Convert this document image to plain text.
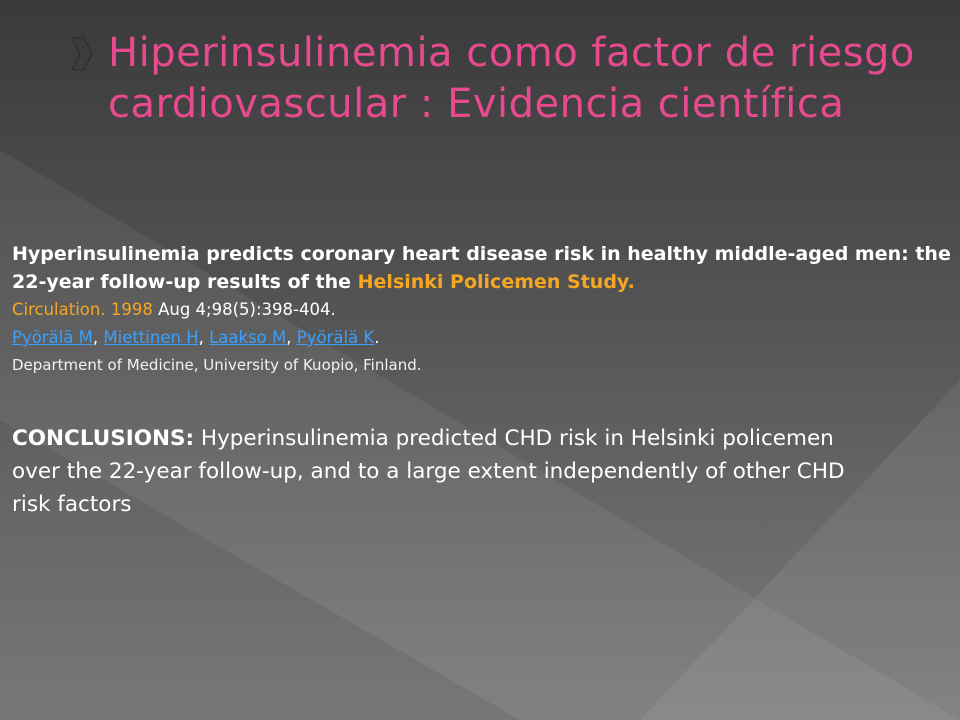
Hiperinsulinemia como factor de riesgo cardiovascular : Evidencia científica

Hyperinsulinemia predicts coronary heart disease risk in healthy middle-aged men: the 22-year follow-up results of the Helsinki Policemen Study.

Circulation. 1998 Aug 4;98(5):398-404.

Pyörälä M, Miettinen H, Laakso M, Pyörälä K.

Department of Medicine, University of Kuopio, Finland.

CONCLUSIONS: Hyperinsulinemia predicted CHD risk in Helsinki policemen over the 22-year follow-up, and to a large extent independently of other CHD risk factors
